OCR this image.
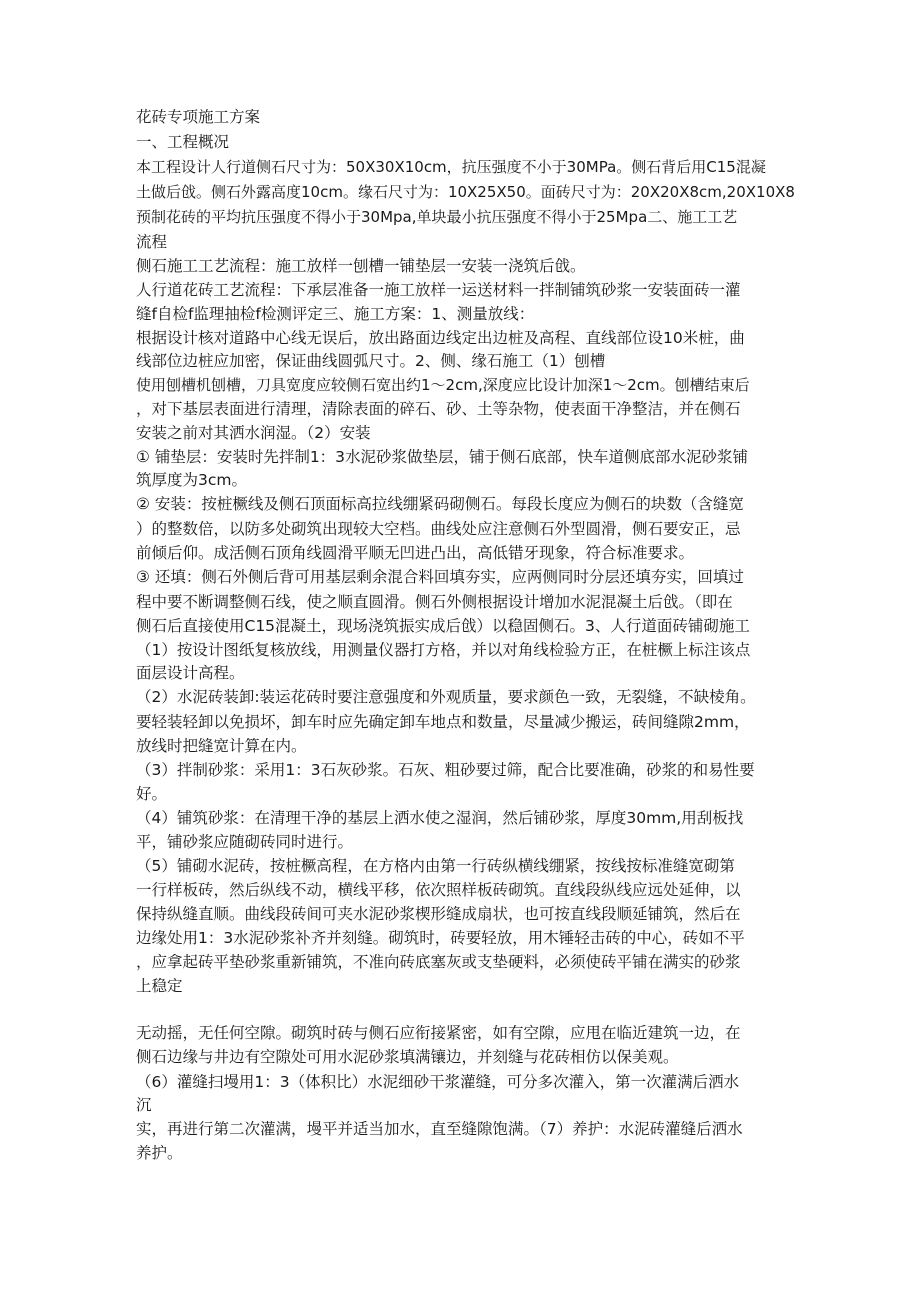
花砖专项施工方案
一、工程概况
本工程设计人行道侧石尺寸为：50X30X10cm，抗压强度不小于30MPa。侧石背后用C15混凝
土做后戗。侧石外露高度10cm。缘石尺寸为：10X25X50。面砖尺寸为：20X20X8cm,20X10X8
预制花砖的平均抗压强度不得小于30Mpa,单块最小抗压强度不得小于25Mpa二、施工工艺
流程
侧石施工工艺流程：施工放样一刨槽一铺垫层一安装一浇筑后戗。
人行道花砖工艺流程：下承层准备一施工放样一运送材料一拌制铺筑砂浆一安装面砖一灌
缝f自检f监理抽检f检测评定三、施工方案：1、测量放线：
根据设计核对道路中心线无误后，放出路面边线定出边桩及高程、直线部位设10米桩，曲
线部位边桩应加密，保证曲线圆弧尺寸。2、侧、缘石施工（1）刨槽
使用刨槽机刨槽，刀具宽度应较侧石宽出约1〜2cm,深度应比设计加深1〜2cm。刨槽结束后
，对下基层表面进行清理，清除表面的碎石、砂、土等杂物，使表面干净整洁，并在侧石
安装之前对其洒水润湿。（2）安装
① 铺垫层：安装时先拌制1：3水泥砂浆做垫层，铺于侧石底部，快车道侧底部水泥砂浆铺
筑厚度为3cm。
② 安装：按桩橛线及侧石顶面标高拉线绷紧码砌侧石。每段长度应为侧石的块数（含缝宽
）的整数倍，以防多处砌筑出现较大空档。曲线处应注意侧石外型圆滑，侧石要安正，忌
前倾后仰。成活侧石顶角线圆滑平顺无凹进凸出，高低错牙现象，符合标准要求。
③ 还填：侧石外侧后背可用基层剩余混合料回填夯实，应两侧同时分层还填夯实，回填过
程中要不断调整侧石线，使之顺直圆滑。侧石外侧根据设计增加水泥混凝土后戗。（即在
侧石后直接使用C15混凝土，现场浇筑振实成后戗）以稳固侧石。3、人行道面砖铺砌施工
（1）按设计图纸复核放线，用测量仪器打方格，并以对角线检验方正，在桩橛上标注该点
面层设计高程。
（2）水泥砖装卸:装运花砖时要注意强度和外观质量，要求颜色一致，无裂缝，不缺棱角。
要轻装轻卸以免损坏，卸车时应先确定卸车地点和数量，尽量减少搬运，砖间缝隙2mm，
放线时把缝宽计算在内。
（3）拌制砂浆：采用1：3石灰砂浆。石灰、粗砂要过筛，配合比要准确，砂浆的和易性要
好。
（4）铺筑砂浆：在清理干净的基层上洒水使之湿润，然后铺砂浆，厚度30mm,用刮板找
平，铺砂浆应随砌砖同时进行。
（5）铺砌水泥砖，按桩橛高程，在方格内由第一行砖纵横线绷紧，按线按标准缝宽砌第
一行样板砖，然后纵线不动，横线平移，依次照样板砖砌筑。直线段纵线应远处延伸，以
保持纵缝直顺。曲线段砖间可夹水泥砂浆楔形缝成扇状，也可按直线段顺延铺筑，然后在
边缘处用1：3水泥砂浆补齐并刻缝。砌筑时，砖要轻放，用木锤轻击砖的中心，砖如不平
，应拿起砖平垫砂浆重新铺筑，不准向砖底塞灰或支垫硬料，必须使砖平铺在满实的砂浆
上稳定
无动摇，无任何空隙。砌筑时砖与侧石应衔接紧密，如有空隙，应甩在临近建筑一边，在
侧石边缘与井边有空隙处可用水泥砂浆填满镶边，并刻缝与花砖相仿以保美观。
（6）灌缝扫墁用1：3（体积比）水泥细砂干浆灌缝，可分多次灌入，第一次灌满后洒水
沉
实，再进行第二次灌满，墁平并适当加水，直至缝隙饱满。（7）养护：水泥砖灌缝后洒水
养护。
